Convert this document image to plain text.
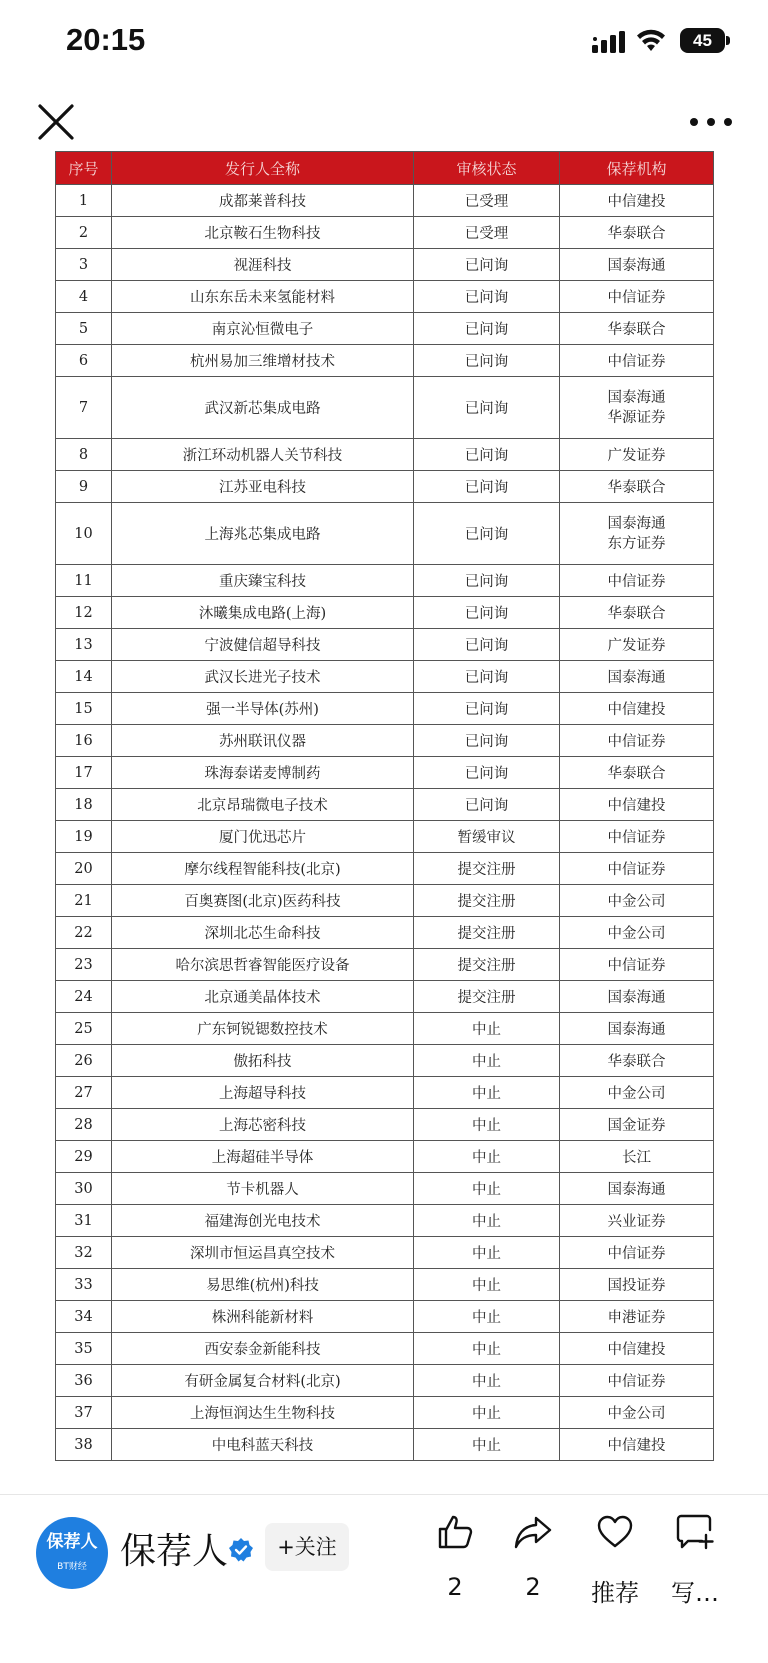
20:15	45
序号	发行人全称	审核状态	保荐机构
1	成都莱普科技	已受理	中信建投
2	北京鞍石生物科技	已受理	华泰联合
3	视涯科技	已问询	国泰海通
4	山东东岳未来氢能材料	已问询	中信证券
5	南京沁恒微电子	已问询	华泰联合
6	杭州易加三维增材技术	已问询	中信证券
7	武汉新芯集成电路	已问询	国泰海通
华源证券

8	浙江环动机器人关节科技	已问询	广发证券
9	江苏亚电科技	已问询	华泰联合
10	上海兆芯集成电路	已问询	国泰海通
东方证券

11	重庆臻宝科技	已问询	中信证券
12	沐曦集成电路(上海)	已问询	华泰联合
13	宁波健信超导科技	已问询	广发证券
14	武汉长进光子技术	已问询	国泰海通
15	强一半导体(苏州)	已问询	中信建投
16	苏州联讯仪器	已问询	中信证券
17	珠海泰诺麦博制药	已问询	华泰联合
18	北京昂瑞微电子技术	已问询	中信建投
19	厦门优迅芯片	暂缓审议	中信证券
20	摩尔线程智能科技(北京)	提交注册	中信证券
21	百奥赛图(北京)医药科技	提交注册	中金公司
22	深圳北芯生命科技	提交注册	中金公司
23	哈尔滨思哲睿智能医疗设备	提交注册	中信证券
24	北京通美晶体技术	提交注册	国泰海通
25	广东钶锐锶数控技术	中止	国泰海通
26	傲拓科技	中止	华泰联合
27	上海超导科技	中止	中金公司
28	上海芯密科技	中止	国金证券
29	上海超硅半导体	中止	长江
30	节卡机器人	中止	国泰海通
31	福建海创光电技术	中止	兴业证券
32	深圳市恒运昌真空技术	中止	中信证券
33	易思维(杭州)科技	中止	国投证券
34	株洲科能新材料	中止	申港证券
35	西安泰金新能科技	中止	中信建投
36	有研金属复合材料(北京)	中止	中信证券
37	上海恒润达生生物科技	中止	中金公司
38	中电科蓝天科技	中止	中信建投
保荐人
BT财经 保荐人	+关注
2	2	推荐	写…
